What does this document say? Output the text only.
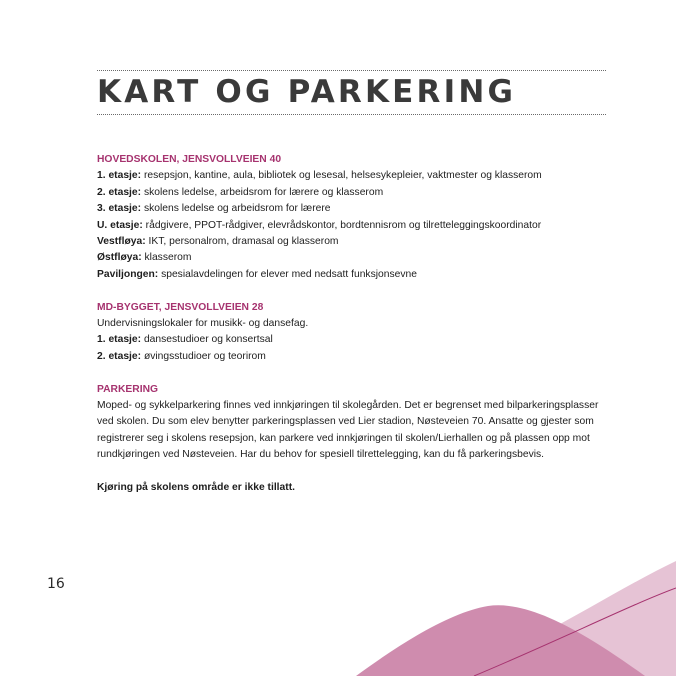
KART OG PARKERING
HOVEDSKOLEN, JENSVOLLVEIEN 40
1. etasje: resepsjon, kantine, aula, bibliotek og lesesal, helsesykepleier, vaktmester og klasserom
2. etasje: skolens ledelse, arbeidsrom for lærere og klasserom
3. etasje: skolens ledelse og arbeidsrom for lærere
U. etasje: rådgivere, PPOT-rådgiver, elevrådskontor, bordtennisrom og tilretteleggingskoordinator
Vestfløya: IKT, personalrom, dramasal og klasserom
Østfløya: klasserom
Paviljongen: spesialavdelingen for elever med nedsatt funksjonsevne
MD-BYGGET, JENSVOLLVEIEN 28
Undervisningslokaler for musikk- og dansefag.
1. etasje: dansestudioer og konsertsal
2. etasje: øvingsstudioer og teorirom
PARKERING
Moped- og sykkelparkering finnes ved innkjøringen til skolegården. Det er begrenset med bilparkeringsplasser ved skolen. Du som elev benytter parkeringsplassen ved Lier stadion, Nøsteveien 70. Ansatte og gjester som registrerer seg i skolens resepsjon, kan parkere ved innkjøringen til skolen/Lierhallen og på plassen opp mot rundkjøringen ved Nøsteveien. Har du behov for spesiell tilrettelegging, kan du få parkeringsbevis.
Kjøring på skolens område er ikke tillatt.
16
